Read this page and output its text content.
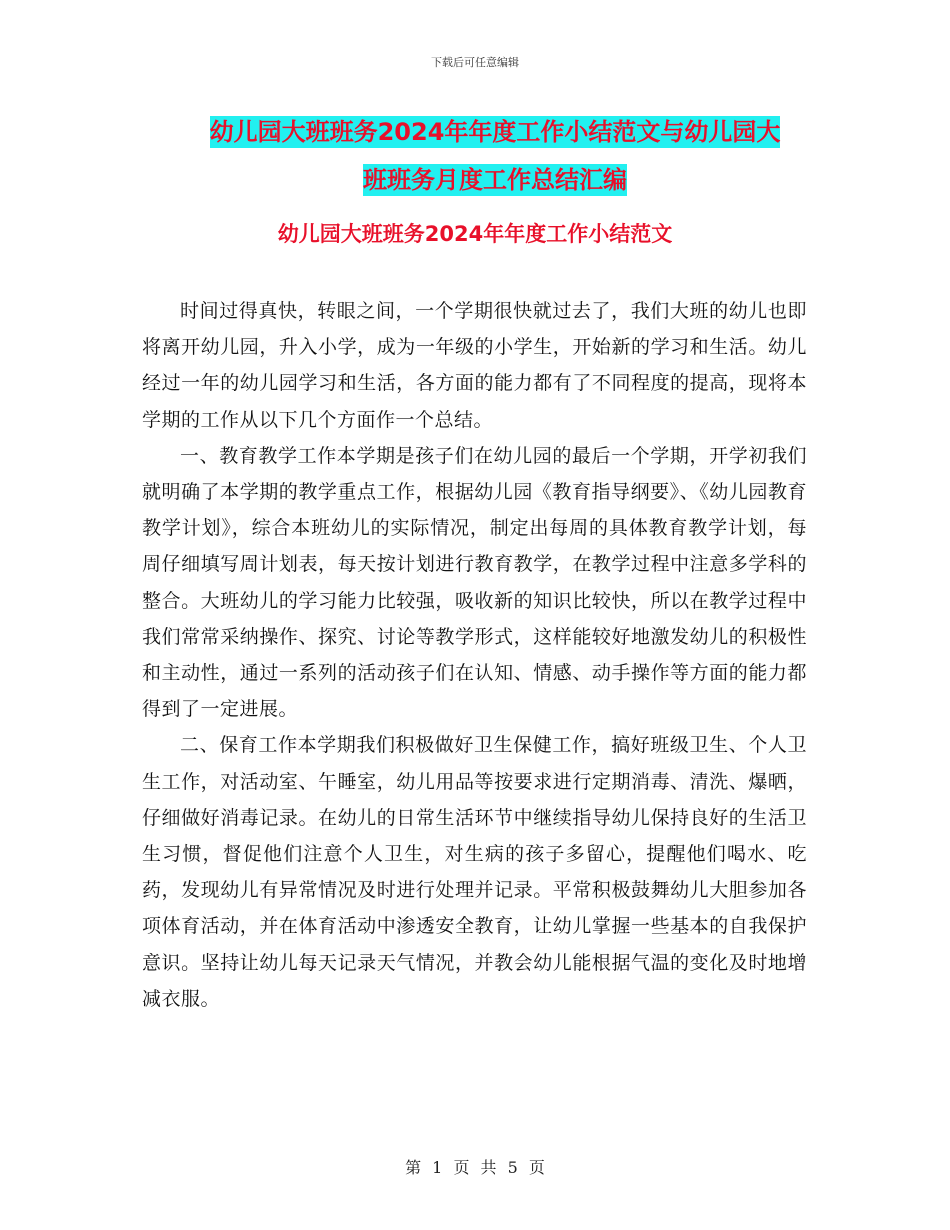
下载后可任意编辑
幼儿园大班班务2024年年度工作小结范文与幼儿园大
班班务月度工作总结汇编
幼儿园大班班务2024年年度工作小结范文

时间过得真快，转眼之间，一个学期很快就过去了，我们大班的幼儿也即将离开幼儿园，升入小学，成为一年级的小学生，开始新的学习和生活。幼儿经过一年的幼儿园学习和生活，各方面的能力都有了不同程度的提高，现将本学期的工作从以下几个方面作一个总结。

一、教育教学工作本学期是孩子们在幼儿园的最后一个学期，开学初我们就明确了本学期的教学重点工作，根据幼儿园《教育指导纲要》、《幼儿园教育教学计划》，综合本班幼儿的实际情况，制定出每周的具体教育教学计划，每周仔细填写周计划表，每天按计划进行教育教学，在教学过程中注意多学科的整合。大班幼儿的学习能力比较强，吸收新的知识比较快，所以在教学过程中我们常常采纳操作、探究、讨论等教学形式，这样能较好地激发幼儿的积极性和主动性，通过一系列的活动孩子们在认知、情感、动手操作等方面的能力都得到了一定进展。

二、保育工作本学期我们积极做好卫生保健工作，搞好班级卫生、个人卫生工作，对活动室、午睡室，幼儿用品等按要求进行定期消毒、清洗、爆晒，仔细做好消毒记录。在幼儿的日常生活环节中继续指导幼儿保持良好的生活卫生习惯，督促他们注意个人卫生，对生病的孩子多留心，提醒他们喝水、吃药，发现幼儿有异常情况及时进行处理并记录。平常积极鼓舞幼儿大胆参加各项体育活动，并在体育活动中渗透安全教育，让幼儿掌握一些基本的自我保护意识。坚持让幼儿每天记录天气情况，并教会幼儿能根据气温的变化及时地增减衣服。

第 1 页 共 5 页
